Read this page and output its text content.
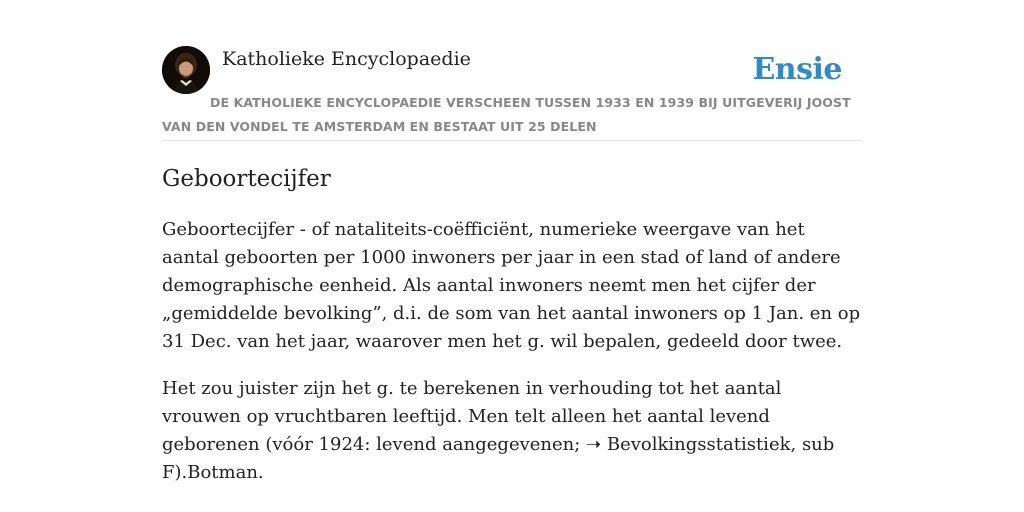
Katholieke Encyclopaedie	Ensie
DE KATHOLIEKE ENCYCLOPAEDIE VERSCHEEN TUSSEN 1933 EN 1939 BIJ UITGEVERIJ JOOST VAN DEN VONDEL TE AMSTERDAM EN BESTAAT UIT 25 DELEN
Geboortecijfer

Geboortecijfer - of nataliteits-coëfficiënt, numerieke weergave van het aantal geboorten per 1000 inwoners per jaar in een stad of land of andere demographische eenheid. Als aantal inwoners neemt men het cijfer der „gemiddelde bevolking”, d.i. de som van het aantal inwoners op 1 Jan. en op 31 Dec. van het jaar, waarover men het g. wil bepalen, gedeeld door twee.

Het zou juister zijn het g. te berekenen in verhouding tot het aantal vrouwen op vruchtbaren leeftijd. Men telt alleen het aantal levend geborenen (vóór 1924: levend aangegevenen; ➝ Bevolkingsstatistiek, sub F).Botman.
